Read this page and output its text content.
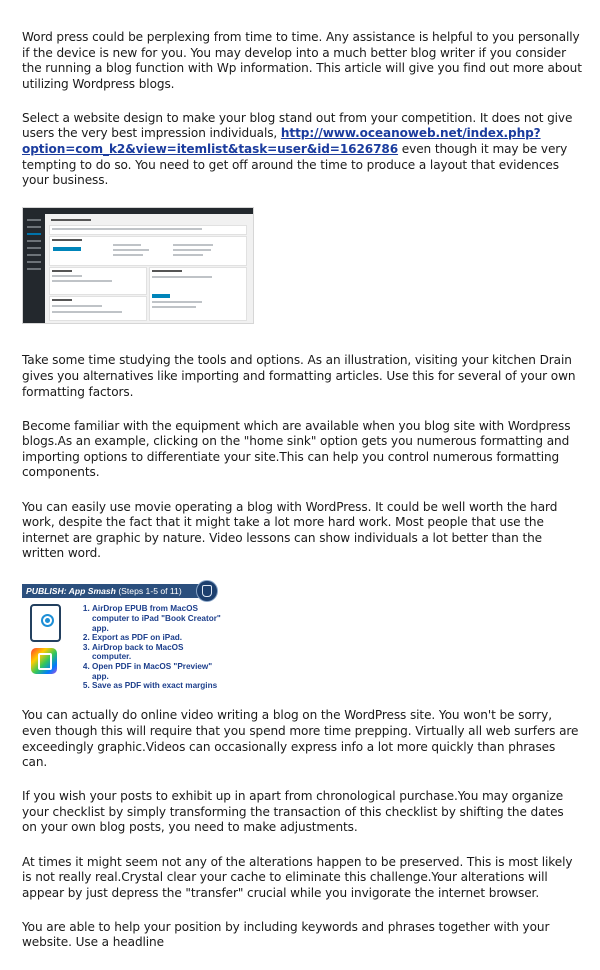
Word press could be perplexing from time to time. Any assistance is helpful to you personally if the device is new for you. You may develop into a much better blog writer if you consider the running a blog function with Wp information. This article will give you find out more about utilizing Wordpress blogs.

Select a website design to make your blog stand out from your competition. It does not give users the very best impression individuals, http://www.oceanoweb.net/index.php?option=com_k2&view=itemlist&task=user&id=1626786 even though it may be very tempting to do so. You need to get off around the time to produce a layout that evidences your business.

Take some time studying the tools and options. As an illustration, visiting your kitchen Drain gives you alternatives like importing and formatting articles. Use this for several of your own formatting factors.

Become familiar with the equipment which are available when you blog site with Wordpress blogs.As an example, clicking on the "home sink" option gets you numerous formatting and importing options to differentiate your site.This can help you control numerous formatting components.

You can easily use movie operating a blog with WordPress. It could be well worth the hard work, despite the fact that it might take a lot more hard work. Most people that use the internet are graphic by nature. Video lessons can show individuals a lot better than the written word.

PUBLISH: App Smash (Steps 1-5 of 11)
1. AirDrop EPUB from MacOS computer to iPad "Book Creator" app.
2. Export as PDF on iPad.
3. AirDrop back to MacOS computer.
4. Open PDF in MacOS "Preview" app.
5. Save as PDF with exact margins

You can actually do online video writing a blog on the WordPress site. You won't be sorry, even though this will require that you spend more time prepping. Virtually all web surfers are exceedingly graphic.Videos can occasionally express info a lot more quickly than phrases can.

If you wish your posts to exhibit up in apart from chronological purchase.You may organize your checklist by simply transforming the transaction of this checklist by shifting the dates on your own blog posts, you need to make adjustments.

At times it might seem not any of the alterations happen to be preserved. This is most likely is not really real.Crystal clear your cache to eliminate this challenge.Your alterations will appear by just depress the "transfer" crucial while you invigorate the internet browser.

You are able to help your position by including keywords and phrases together with your website. Use a headline
